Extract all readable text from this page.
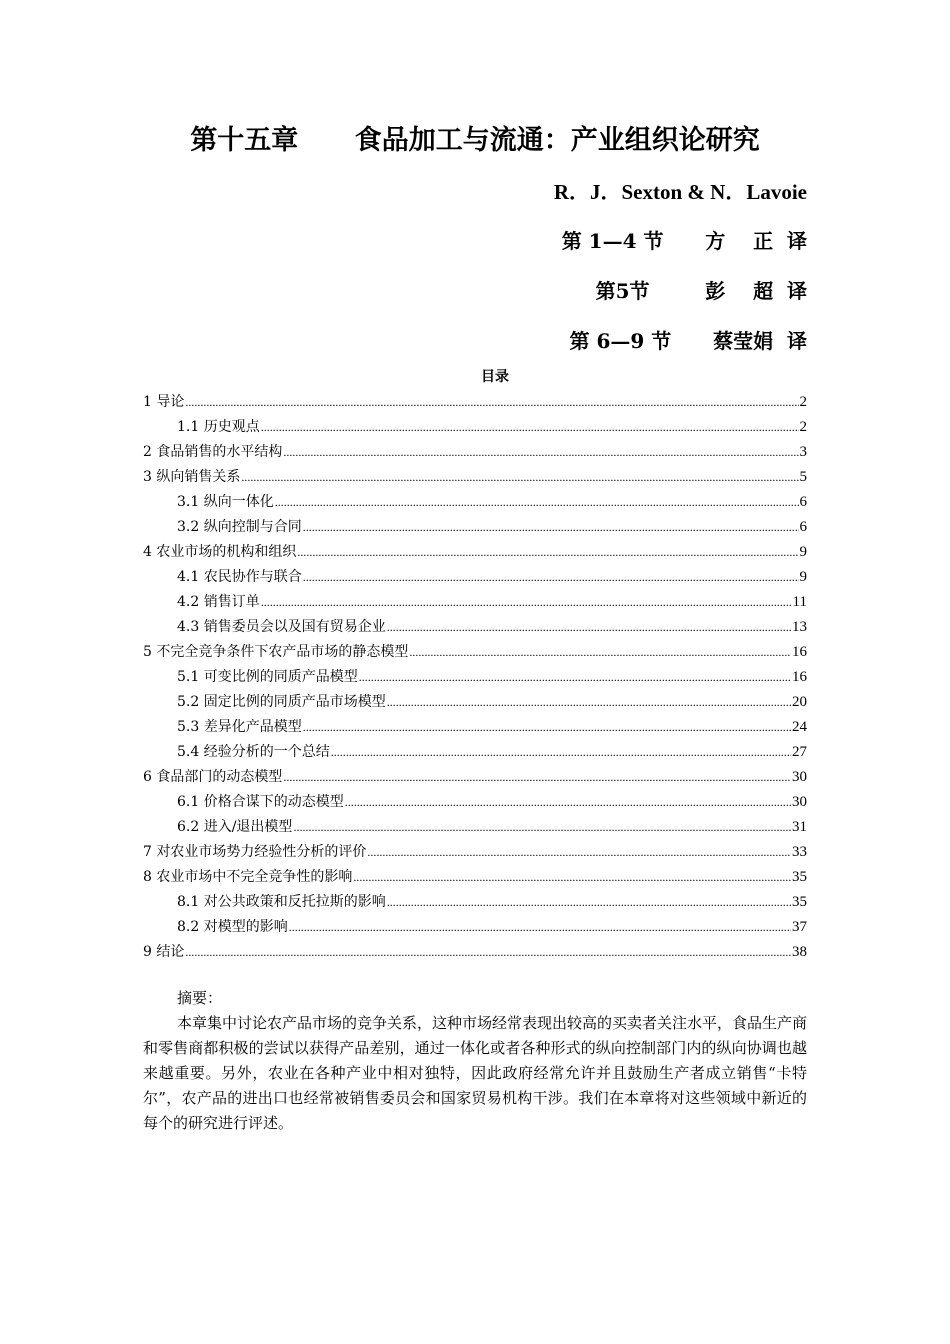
第十五章      食品加工与流通：产业组织论研究
R．J．Sexton & N．Lavoie
第 1—4 节      方    正  译
第5节        彭    超  译
第 6—9 节      蔡莹娟  译
目录
1 导论 .....	2
1.1 历史观点 .....	2
2 食品销售的水平结构 .....	3
3 纵向销售关系 .....	5
3.1 纵向一体化 .....	6
3.2 纵向控制与合同 .....	6
4 农业市场的机构和组织 .....	9
4.1 农民协作与联合 .....	9
4.2 销售订单 .....	11
4.3 销售委员会以及国有贸易企业 .....	13
5 不完全竞争条件下农产品市场的静态模型 .....	16
5.1 可变比例的同质产品模型 .....	16
5.2 固定比例的同质产品市场模型 .....	20
5.3 差异化产品模型 .....	24
5.4 经验分析的一个总结 .....	27
6 食品部门的动态模型 .....	30
6.1 价格合谋下的动态模型 .....	30
6.2 进入/退出模型 .....	31
7 对农业市场势力经验性分析的评价 .....	33
8 农业市场中不完全竞争性的影响 .....	35
8.1 对公共政策和反托拉斯的影响 .....	35
8.2 对模型的影响 .....	37
9 结论 .....	38

摘要：

本章集中讨论农产品市场的竞争关系，这种市场经常表现出较高的买卖者关注水平，食品生产商和零售商都积极的尝试以获得产品差别，通过一体化或者各种形式的纵向控制部门内的纵向协调也越来越重要。另外，农业在各种产业中相对独特，因此政府经常允许并且鼓励生产者成立销售“卡特尔”，农产品的进出口也经常被销售委员会和国家贸易机构干涉。我们在本章将对这些领域中新近的每个的研究进行评述。
